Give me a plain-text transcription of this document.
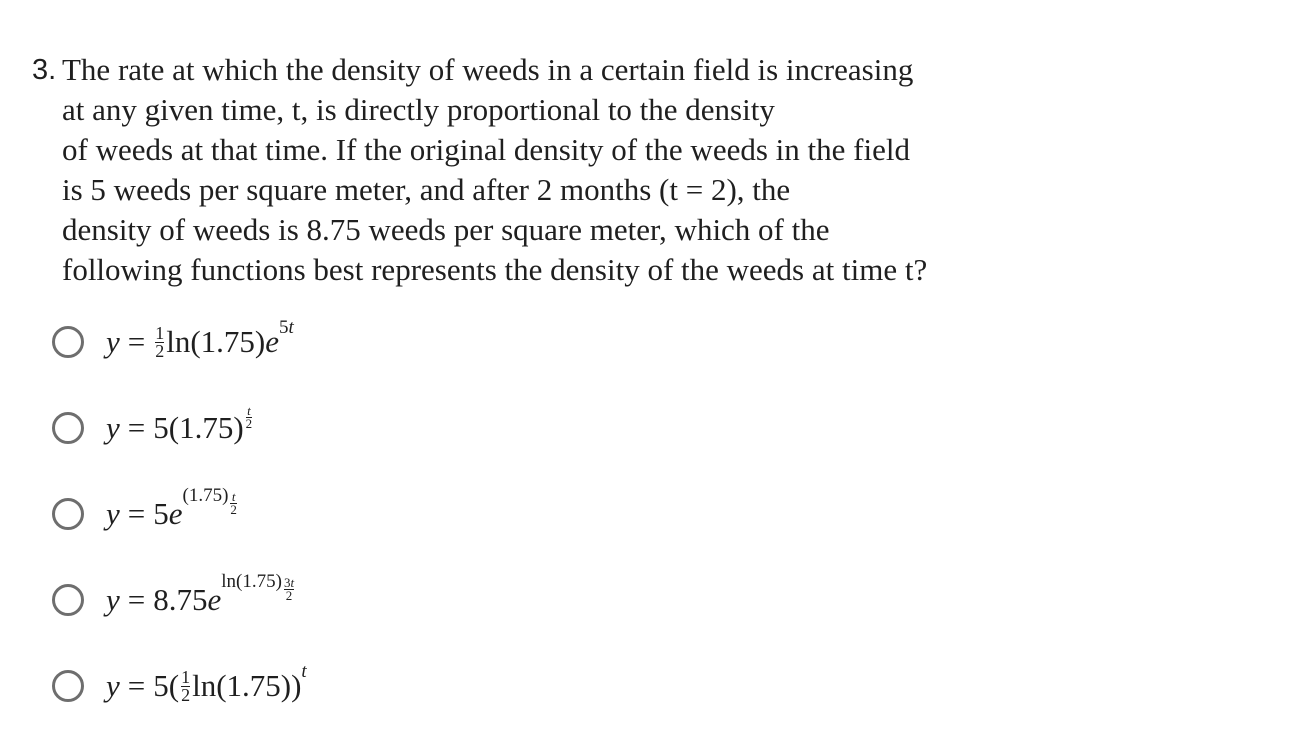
3. The rate at which the density of weeds in a certain field is increasing
at any given time, t, is directly proportional to the density
of weeds at that time. If the original density of the weeds in the field
is 5 weeds per square meter, and after 2 months (t = 2), the
density of weeds is 8.75 weeds per square meter, which of the
following functions best represents the density of the weeds at time t?
$y = \frac{1}{2} \ln(1.75)$ e 5t
$y = 5(1.75) \frac{t}{2}$
y = 5 e
$(1.75) \frac{t}{2}$
y = 8.75 e
$\ln(1.75) \frac{3t}{2}$
$y = 5( \frac{1}{2} \ln(1.75))$ t
